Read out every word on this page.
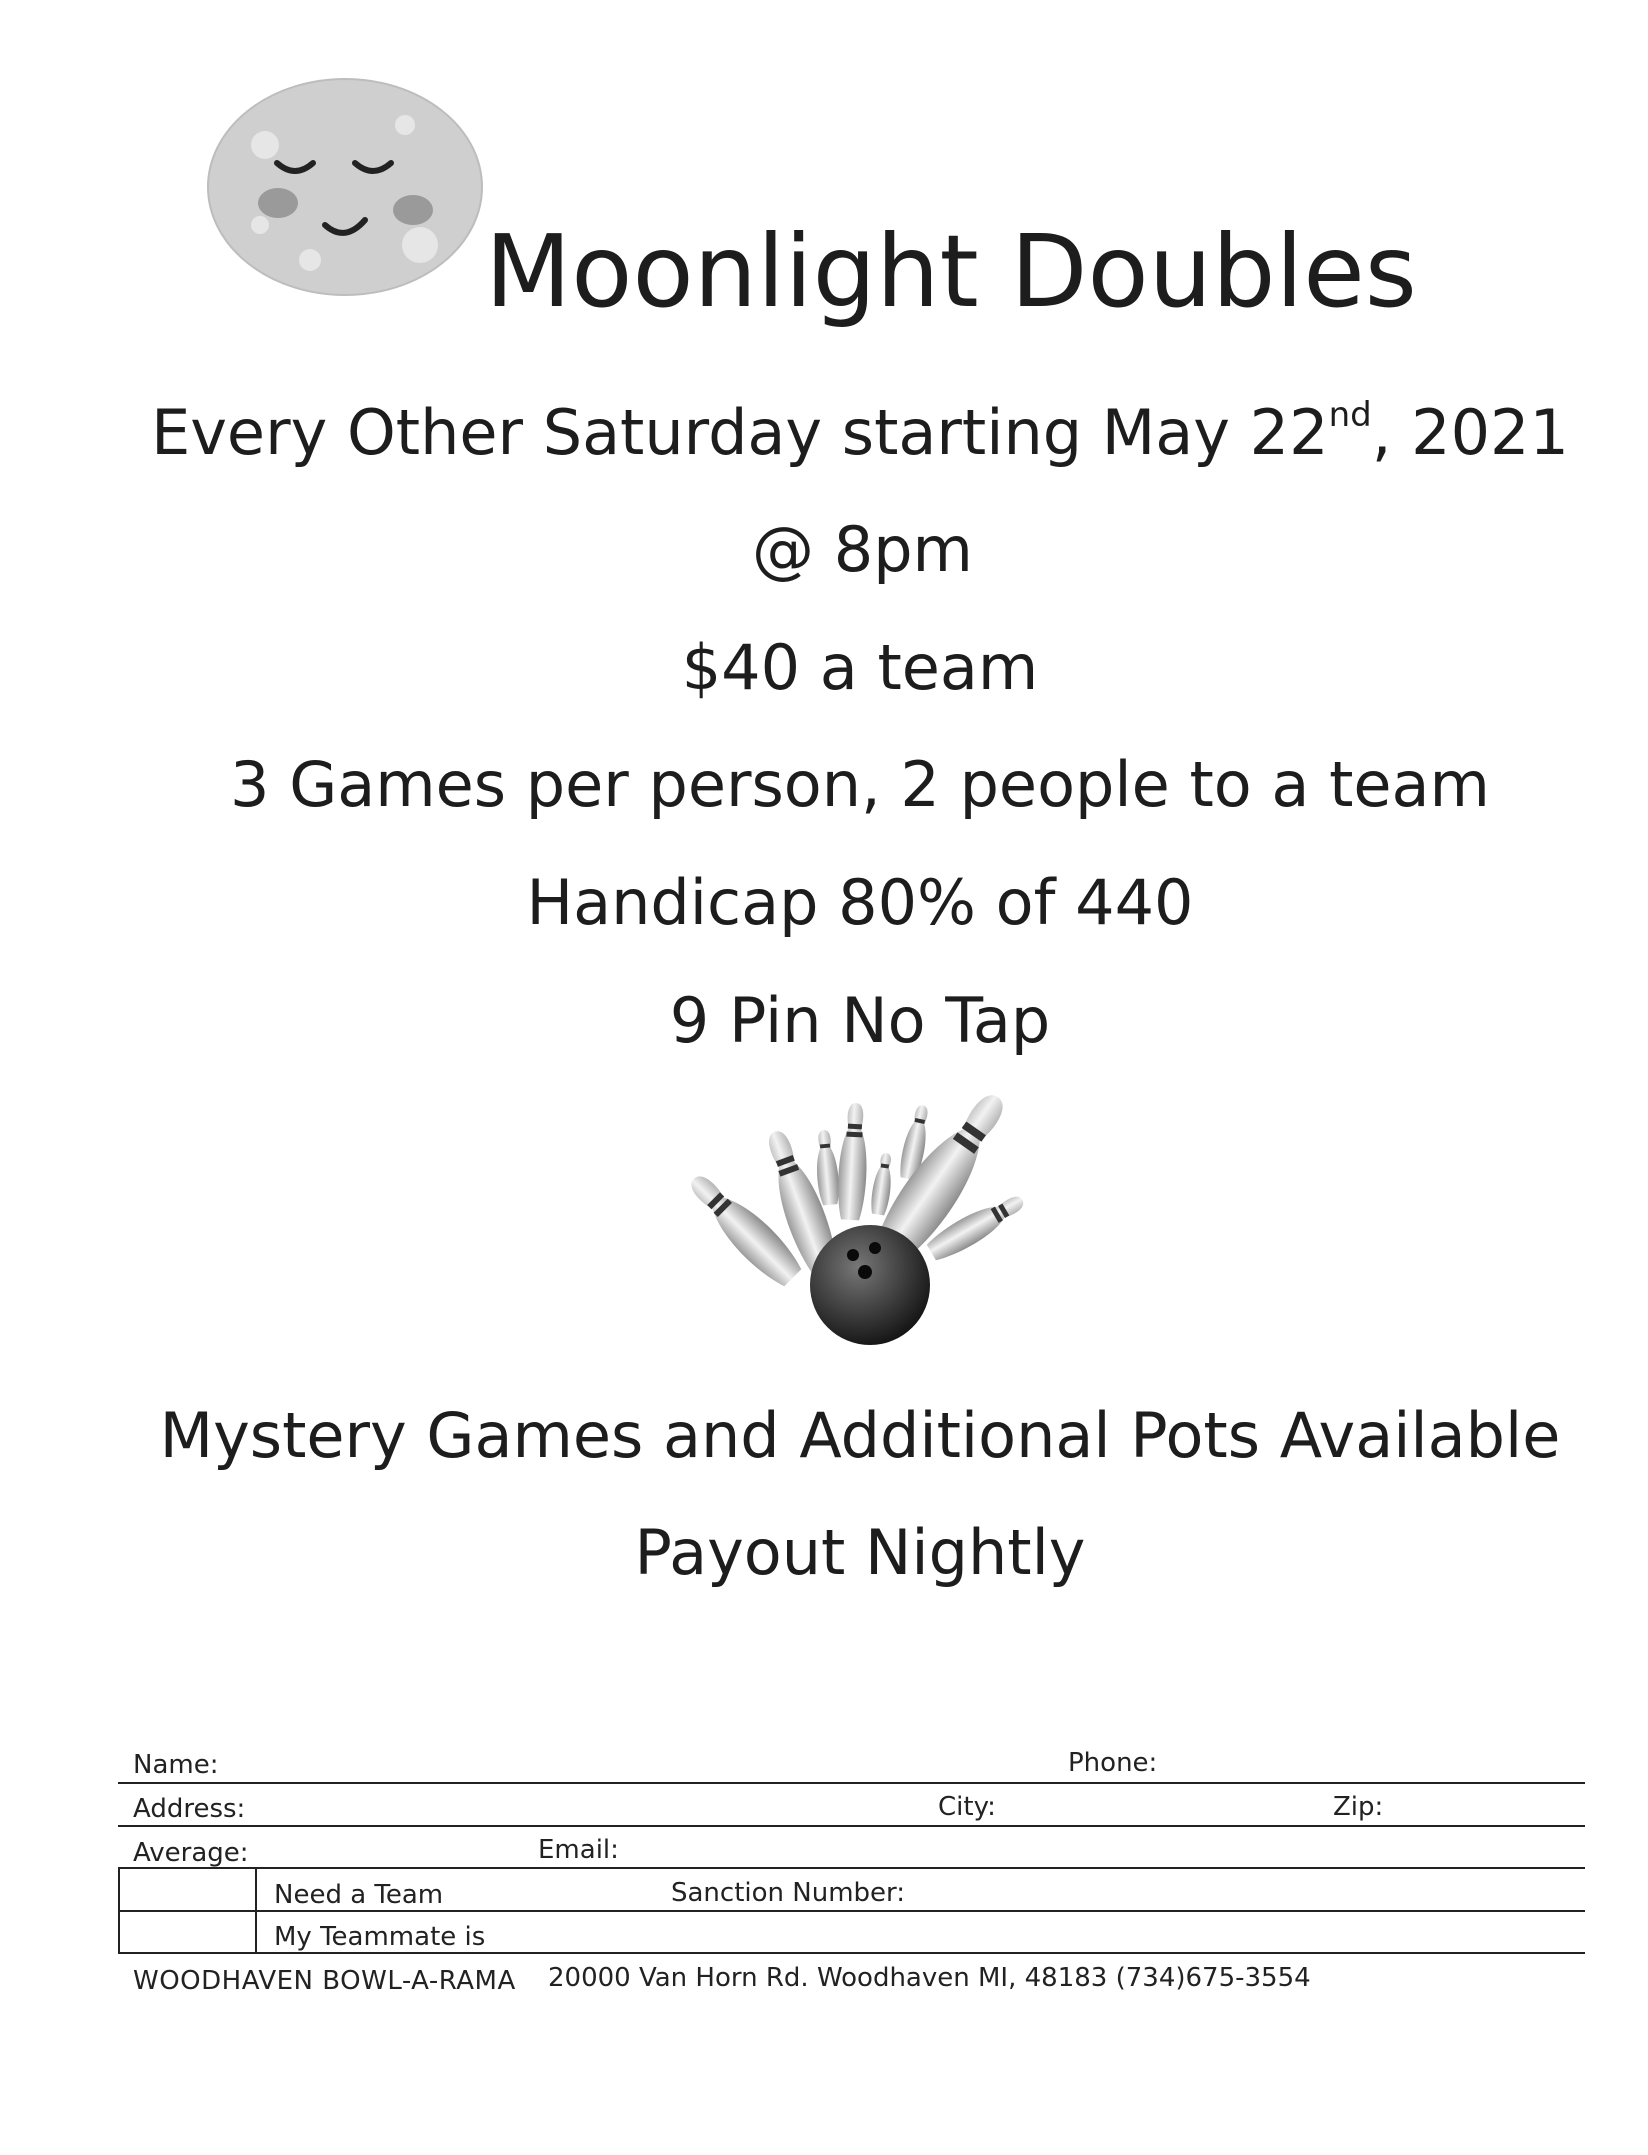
Moonlight Doubles
Every Other Saturday starting May 22nd, 2021
@ 8pm
$40 a team
3 Games per person, 2 people to a team
Handicap 80% of 440
9 Pin No Tap
Mystery Games and Additional Pots Available
Payout Nightly
Name:	Phone:
Address:	City:	Zip:
Average:	Email:
Need a Team	Sanction Number:
My Teammate is
WOODHAVEN BOWL-A-RAMA 20000 Van Horn Rd. Woodhaven MI, 48183 (734)675-3554
